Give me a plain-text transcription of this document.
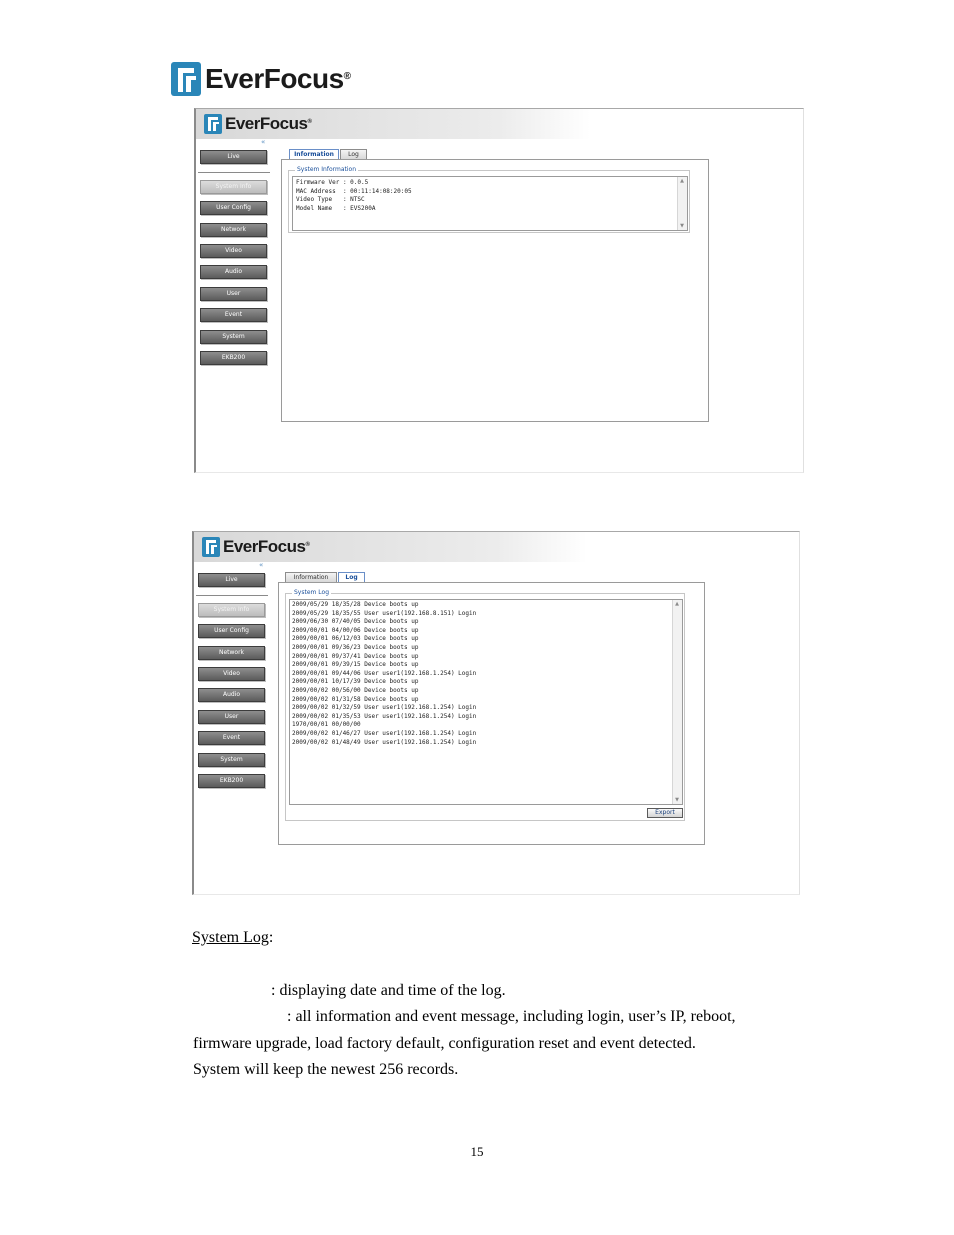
EverFocus®
EverFocus®
«
Live
System Info
User Config
Network
Video
Audio
User
Event
System
EKB200
Information	Log
System Information
Firmware Ver : 0.0.5
MAC Address  : 00:11:14:08:20:05
Video Type   : NTSC
Model Name   : EVS200A
▲
▼
EverFocus®
«
Live
System Info
User Config
Network
Video
Audio
User
Event
System
EKB200
Information	Log
System Log
2009/05/29 18/35/28 Device boots up
2009/05/29 18/35/55 User user1(192.168.8.151) Login
2009/06/30 07/40/05 Device boots up
2009/00/01 04/00/06 Device boots up
2009/00/01 06/12/03 Device boots up
2009/00/01 09/36/23 Device boots up
2009/00/01 09/37/41 Device boots up
2009/00/01 09/39/15 Device boots up
2009/00/01 09/44/06 User user1(192.168.1.254) Login
2009/00/01 10/17/39 Device boots up
2009/00/02 00/56/00 Device boots up
2009/00/02 01/31/58 Device boots up
2009/00/02 01/32/59 User user1(192.168.1.254) Login
2009/00/02 01/35/53 User user1(192.168.1.254) Login
1970/00/01 00/00/00
2009/00/02 01/46/27 User user1(192.168.1.254) Login
2009/00/02 01/48/49 User user1(192.168.1.254) Login
▲
▼
Export
System Log:
: displaying date and time of the log.
: all information and event message, including login, user’s IP, reboot,
firmware upgrade, load factory default, configuration reset and event detected.
System will keep the newest 256 records.
15
